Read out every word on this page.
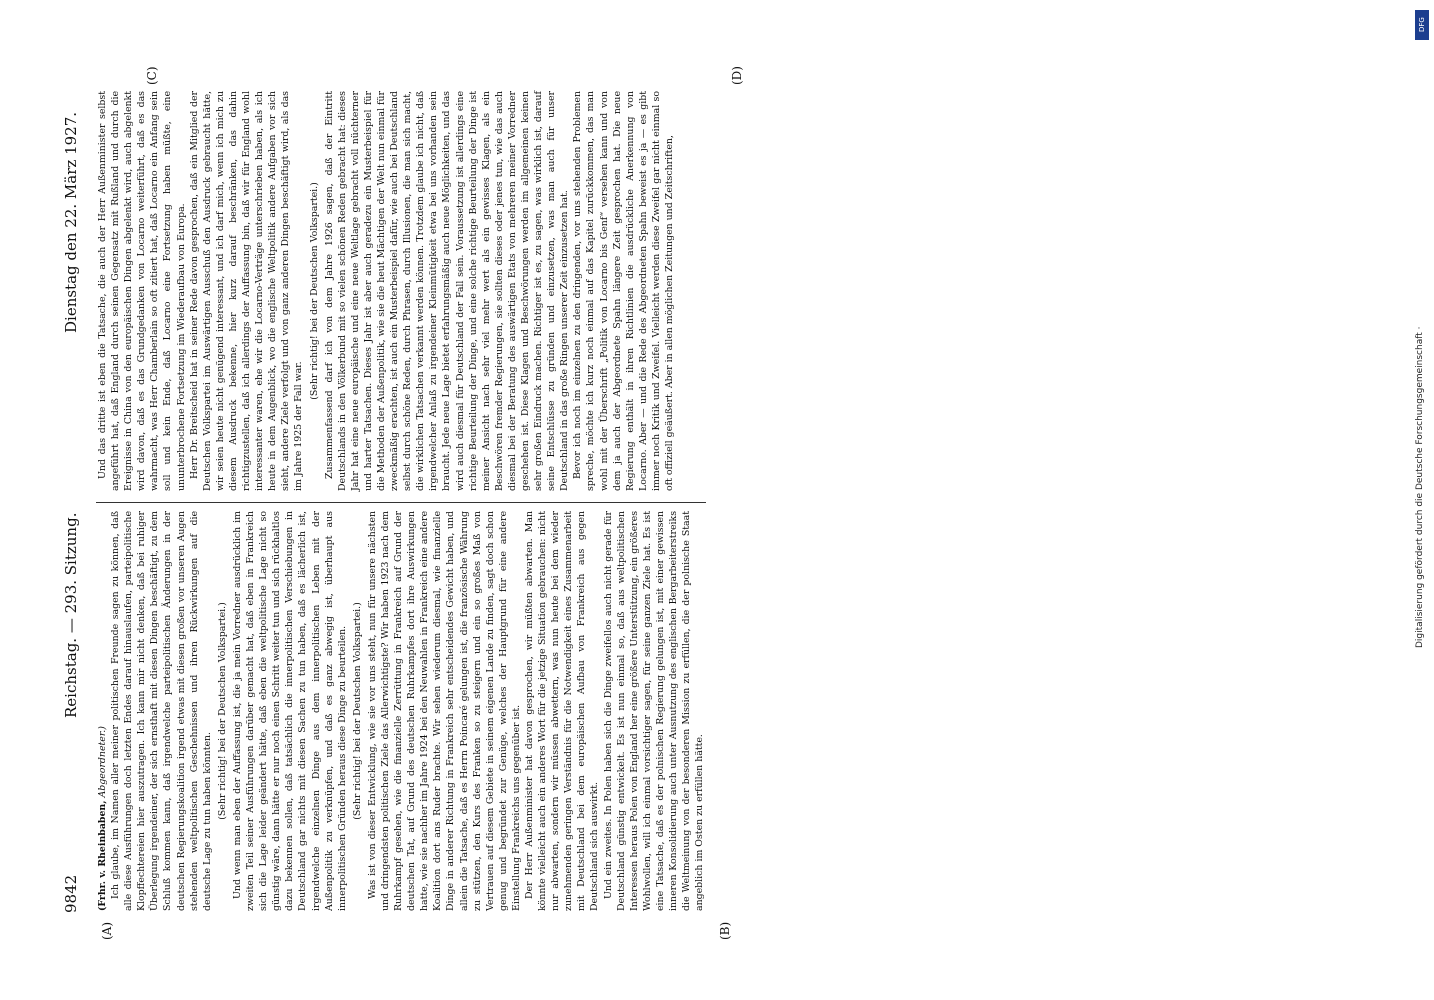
9842
Reichstag. — 293. Sitzung.
Dienstag den 22. März 1927.
(A)	(B)
(C)	(D)

(Frhr. v. Rheinbaben, Abgeordneter.) Ich glaube, im Namen aller meiner politischen Freunde sagen zu können, daß alle diese Ausführungen doch letzten Endes darauf hinauslaufen, parteipolitische Klopffechtereien hier auszutragen. Ich kann mir nicht denken, daß bei ruhiger Überlegung irgendeiner, der sich ernsthaft mit diesen Dingen beschäftigt, zu dem Schluß kommen kann, daß irgendwelche parteipolitischen Änderungen in der deutschen Regierungskoalition irgend etwas mit diesen großen vor unseren Augen stehenden weltpolitischen Geschehnissen und ihren Rückwirkungen auf die deutsche Lage zu tun haben könnten.

(Sehr richtig! bei der Deutschen Volkspartei.) Und wenn man eben der Auffassung ist, die ja mein Vorredner ausdrücklich im zweiten Teil seiner Ausführungen darüber gemacht hat, daß eben in Frankreich sich die Lage leider geändert hätte, daß eben die weltpolitische Lage nicht so günstig wäre, dann hätte er nur noch einen Schritt weiter tun und sich rückhaltlos dazu bekennen sollen, daß tatsächlich die innerpolitischen Verschiebungen in Deutschland gar nichts mit diesen Sachen zu tun haben, daß es lächerlich ist, irgendwelche einzelnen Dinge aus dem innerpolitischen Leben mit der Außenpolitik zu verknüpfen, und daß es ganz abwegig ist, überhaupt aus innerpolitischen Gründen heraus diese Dinge zu beurteilen. (Sehr richtig! bei der Deutschen Volkspartei.) Was ist von dieser Entwicklung, wie sie vor uns steht, nun für unsere nächsten und dringendsten politischen Ziele das Allerwichtigste? Wir haben 1923 nach dem Ruhrkampf gesehen, wie die finanzielle Zerrüttung in Frankreich auf Grund der deutschen Tat, auf Grund des deutschen Ruhrkampfes dort ihre Auswirkungen hatte, wie sie nachher im Jahre 1924 bei den Neuwahlen in Frankreich eine andere Koalition dort ans Ruder brachte. Wir sehen wiederum diesmal, wie finanzielle Dinge in anderer Richtung in Frankreich sehr entscheidendes Gewicht haben, und allein die Tatsache, daß es Herrn Poincaré gelungen ist, die französische Währung zu stützen, den Kurs des Franken so zu steigern und ein so großes Maß von Vertrauen auf diesem Gebiete in seinem eigenen Lande zu finden, sagt doch schon genug und begründet zur Genüge, welches der Hauptgrund für eine andere Einstellung Frankreichs uns gegenüber ist. Der Herr Außenminister hat davon gesprochen, wir müßten abwarten. Man könnte vielleicht auch ein anderes Wort für die jetzige Situation gebrauchen: nicht nur abwarten, sondern wir müssen abwettern, was nun heute bei dem wieder zunehmenden geringen Verständnis für die Notwendigkeit eines Zusammenarbeit mit Deutschland bei dem europäischen Aufbau von Frankreich aus gegen Deutschland sich auswirkt. Und ein zweites. In Polen haben sich die Dinge zweifellos auch nicht gerade für Deutschland günstig entwickelt. Es ist nun einmal so, daß aus weltpolitischen Interessen heraus Polen von England her eine größere Unterstützung, ein größeres Wohlwollen, will ich einmal vorsichtiger sagen, für seine ganzen Ziele hat. Es ist eine Tatsache, daß es der polnischen Regierung gelungen ist, mit einer gewissen inneren Konsolidierung auch unter Ausnutzung des englischen Bergarbeiterstreiks die Weltmeinung von der besonderen Mission zu erfüllen, die der polnische Staat angeblich im Osten zu erfüllen hätte.

Und das dritte ist eben die Tatsache, die auch der Herr Außenminister selbst angeführt hat, daß England durch seinen Gegensatz mit Rußland und durch die Ereignisse in China von den europäischen Dingen abgelenkt wird, auch abgelenkt wird davon, daß es das Grundgedanken von Locarno weiterführt, daß es das wahrmacht, was Herr Chamberlain so oft zitiert hat, daß Locarno ein Anfang sein soll und kein Ende, daß Locarno eine Fortsetzung haben müßte, eine ununterbrochene Fortsetzung im Wiederaufbau von Europa. Herr Dr. Breitscheid hat in seiner Rede davon gesprochen, daß ein Mitglied der Deutschen Volkspartei im Auswärtigen Ausschuß den Ausdruck gebraucht hätte, wir seien heute nicht genügend interessant, und ich darf mich, wenn ich mich zu diesem Ausdruck bekenne, hier kurz darauf beschränken, das dahin richtigzustellen, daß ich allerdings der Auffassung bin, daß wir für England wohl interessanter waren, ehe wir die Locarno-Verträge unterschrieben haben, als ich heute in dem Augenblick, wo die englische Weltpolitik andere Aufgaben vor sich sieht, andere Ziele verfolgt und von ganz anderen Dingen beschäftigt wird, als das im Jahre 1925 der Fall war.

(Sehr richtig! bei der Deutschen Volkspartei.) Zusammenfassend darf ich von dem Jahre 1926 sagen, daß der Eintritt Deutschlands in den Völkerbund mit so vielen schönen Reden gebracht hat: dieses Jahr hat eine neue europäische und eine neue Weltlage gebracht voll nüchterner und harter Tatsachen. Dieses Jahr ist aber auch geradezu ein Musterbeispiel für die Methoden der Außenpolitik, wie sie die heut Mächtigen der Welt nun einmal für zweckmäßig erachten, ist auch ein Musterbeispiel dafür, wie auch bei Deutschland selbst durch schöne Reden, durch Phrasen, durch Illusionen, die man sich macht, die wirklichen Tatsachen verkannt werden können. Trotzdem glaube ich nicht, daß irgendwelcher Anlaß zu irgendeiner Kleinmütigkeit etwa bei uns vorhanden sein braucht. Jede neue Lage bietet erfahrungsmäßig auch neue Möglichkeiten, und das wird auch diesmal für Deutschland der Fall sein. Voraussetzung ist allerdings eine richtige Beurteilung der Dinge, und eine solche richtige Beurteilung der Dinge ist meiner Ansicht nach sehr viel mehr wert als ein gewisses Klagen, als ein Beschwören fremder Regierungen, sie sollten dieses oder jenes tun, wie das auch diesmal bei der Beratung des auswärtigen Etats von mehreren meiner Vorredner geschehen ist. Diese Klagen und Beschwörungen werden im allgemeinen keinen sehr großen Eindruck machen. Richtiger ist es, zu sagen, was wirklich ist, darauf seine Entschlüsse zu gründen und einzusetzen, was man auch für unser Deutschland in das große Ringen unserer Zeit einzusetzen hat. Bevor ich noch im einzelnen zu den dringenden, vor uns stehenden Problemen spreche, möchte ich kurz noch einmal auf das Kapitel zurückkommen, das man wohl mit der Überschrift „Politik von Locarno bis Genf“ versehen kann und von dem ja auch der Abgeordnete Spahn längere Zeit gesprochen hat. Die neue Regierung enthält in ihren Richtlinien die ausdrückliche Anerkennung von Locarno. Aber — und die Rede des Abgeordneten Spahn beweist es ja — es gibt immer noch Kritik und Zweifel. Vielleicht werden diese Zweifel gar nicht einmal so oft offiziell geäußert. Aber in allen möglichen Zeitungen und Zeitschriften,

DFG
Digitalisierung gefördert durch die Deutsche Forschungsgemeinschaft ·
